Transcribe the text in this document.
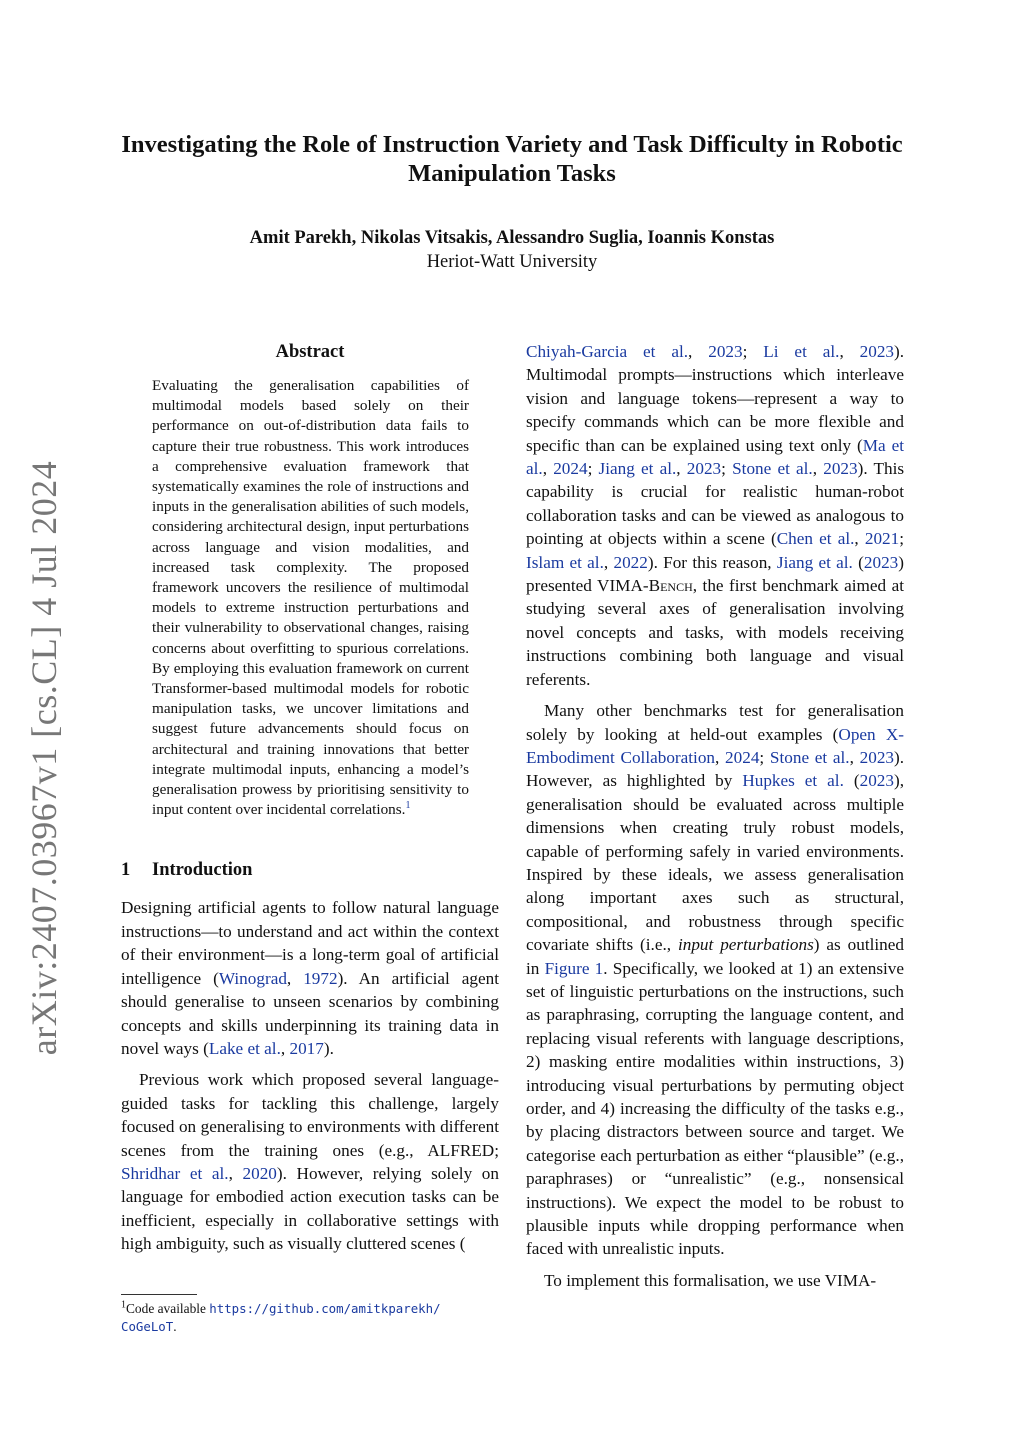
arXiv:2407.03967v1 [cs.CL] 4 Jul 2024
Investigating the Role of Instruction Variety and Task Difficulty in Robotic Manipulation Tasks
Amit Parekh, Nikolas Vitsakis, Alessandro Suglia, Ioannis Konstas
Heriot-Watt University
Abstract

Evaluating the generalisation capabilities of multimodal models based solely on their performance on out-of-distribution data fails to capture their true robustness. This work introduces a comprehensive evaluation framework that systematically examines the role of instructions and inputs in the generalisation abilities of such models, considering architectural design, input perturbations across language and vision modalities, and increased task complexity. The proposed framework uncovers the resilience of multimodal models to extreme instruction perturbations and their vulnerability to observational changes, raising concerns about overfitting to spurious correlations. By employing this evaluation framework on current Transformer-based multimodal models for robotic manipulation tasks, we uncover limitations and suggest future advancements should focus on architectural and training innovations that better integrate multimodal inputs, enhancing a model’s generalisation prowess by prioritising sensitivity to input content over incidental correlations.$^1$

1 Introduction

Designing artificial agents to follow natural language instructions—to understand and act within the context of their environment—is a long-term goal of artificial intelligence (Winograd, 1972). An artificial agent should generalise to unseen scenarios by combining concepts and skills underpinning its training data in novel ways (Lake et al., 2017).

Previous work which proposed several language-guided tasks for tackling this challenge, largely focused on generalising to environments with different scenes from the training ones (e.g., ALFRED; Shridhar et al., 2020). However, relying solely on language for embodied action execution tasks can be inefficient, especially in collaborative settings with high ambiguity, such as visually cluttered scenes (

Chiyah-Garcia et al., 2023; Li et al., 2023). Multimodal prompts—instructions which interleave vision and language tokens—represent a way to specify commands which can be more flexible and specific than can be explained using text only (Ma et al., 2024; Jiang et al., 2023; Stone et al., 2023). This capability is crucial for realistic human-robot collaboration tasks and can be viewed as analogous to pointing at objects within a scene (Chen et al., 2021; Islam et al., 2022). For this reason, Jiang et al. (2023) presented VIMA-Bench, the first benchmark aimed at studying several axes of generalisation involving novel concepts and tasks, with models receiving instructions combining both language and visual referents.

Many other benchmarks test for generalisation solely by looking at held-out examples (Open X-Embodiment Collaboration, 2024; Stone et al., 2023). However, as highlighted by Hupkes et al. (2023), generalisation should be evaluated across multiple dimensions when creating truly robust models, capable of performing safely in varied environments. Inspired by these ideals, we assess generalisation along important axes such as structural, compositional, and robustness through specific covariate shifts (i.e., input perturbations) as outlined in Figure 1. Specifically, we looked at 1) an extensive set of linguistic perturbations on the instructions, such as paraphrasing, corrupting the language content, and replacing visual referents with language descriptions, 2) masking entire modalities within instructions, 3) introducing visual perturbations by permuting object order, and 4) increasing the difficulty of the tasks e.g., by placing distractors between source and target. We categorise each perturbation as either “plausible” (e.g., paraphrases) or “unrealistic” (e.g., nonsensical instructions). We expect the model to be robust to plausible inputs while dropping performance when faced with unrealistic inputs.

To implement this formalisation, we use VIMA-

$^1$Code available https://github.com/amitkparekh/
CoGeLoT.
